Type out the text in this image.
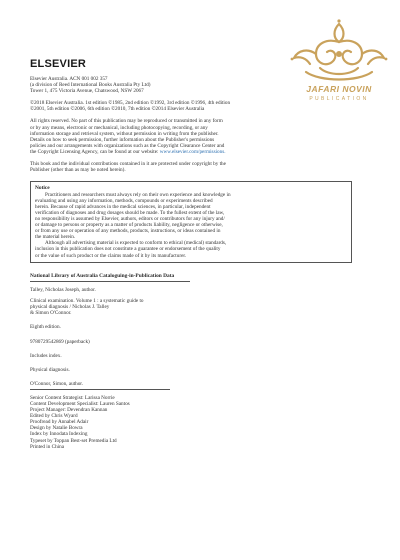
JAFARI NOVIN
PUBLICATION
ELSEVIER

Elsevier Australia. ACN 001 002 357

(a division of Reed International Books Australia Pty Ltd)

Tower 1, 475 Victoria Avenue, Chatswood, NSW 2067

©2018 Elsevier Australia. 1st edition ©1985, 2nd edition ©1992, 3rd edition ©1996, 4th edition

©2001, 5th edition ©2006, 6th edition ©2010, 7th edition ©2014 Elsevier Australia

All rights reserved. No part of this publication may be reproduced or transmitted in any form

or by any means, electronic or mechanical, including photocopying, recording, or any

information storage and retrieval system, without permission in writing from the publisher.

Details on how to seek permission, further information about the Publisher's permissions

policies and our arrangements with organizations such as the Copyright Clearance Center and

the Copyright Licensing Agency, can be found at our website: www.elsevier.com/permissions.

This book and the individual contributions contained in it are protected under copyright by the

Publisher (other than as may be noted herein).

Notice

Practitioners and researchers must always rely on their own experience and knowledge in

evaluating and using any information, methods, compounds or experiments described

herein. Because of rapid advances in the medical sciences, in particular, independent

verification of diagnoses and drug dosages should be made. To the fullest extent of the law,

no responsibility is assumed by Elsevier, authors, editors or contributors for any injury and/

or damage to persons or property as a matter of products liability, negligence or otherwise,

or from any use or operation of any methods, products, instructions, or ideas contained in

the material herein.

Although all advertising material is expected to conform to ethical (medical) standards,

inclusion in this publication does not constitute a guarantee or endorsement of the quality

or the value of such product or the claims made of it by its manufacturer.

National Library of Australia Cataloguing-in-Publication Data

Talley, Nicholas Joseph, author.

Clinical examination. Volume 1 : a systematic guide to

physical diagnosis / Nicholas J. Talley

& Simon O'Connor.

Eighth edition.

9780729542869 (paperback)

Includes index.

Physical diagnosis.

O'Connor, Simon, author.

Senior Content Strategist: Larissa Norrie

Content Development Specialist: Lauren Santos

Project Manager: Devendran Kannan

Edited by Chris Wyard

Proofread by Annabel Adair

Design by Natalie Bowra

Index by Innodata Indexing

Typeset by Toppan Best-set Premedia Ltd

Printed in China
